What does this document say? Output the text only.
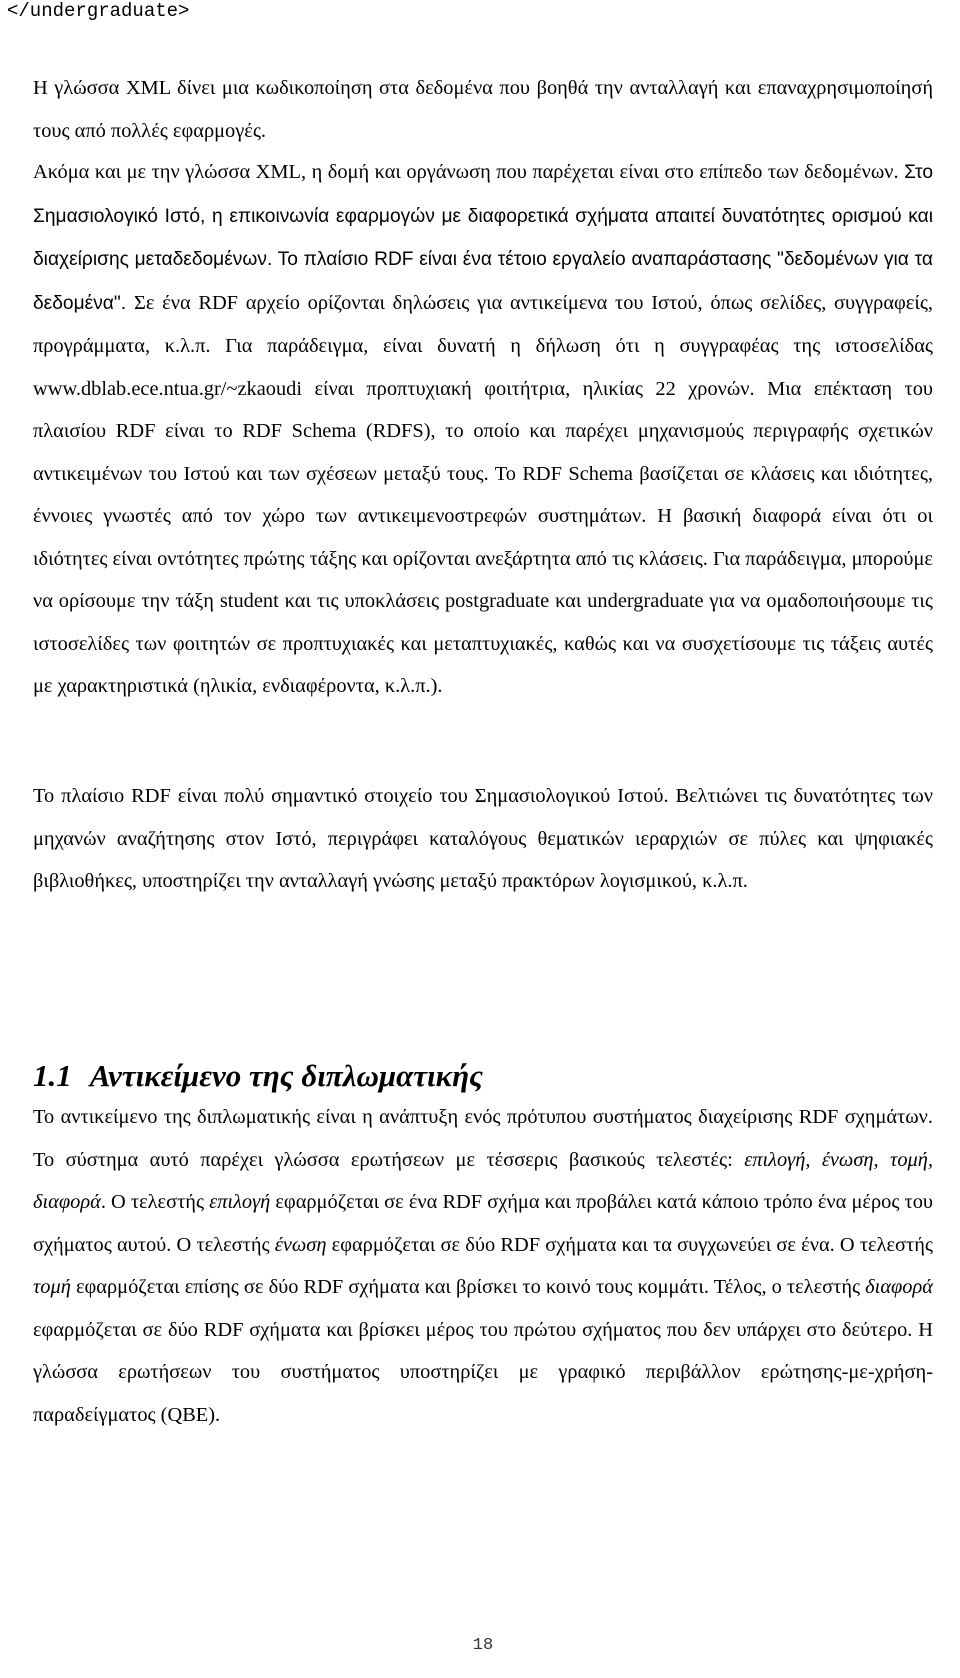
</undergraduate>

Η γλώσσα XML δίνει μια κωδικοποίηση στα δεδομένα που βοηθά την ανταλλαγή και επαναχρησιμοποίησή τους από πολλές εφαρμογές.

Ακόμα και με την γλώσσα XML, η δομή και οργάνωση που παρέχεται είναι στο επίπεδο των δεδομένων. Στο Σημασιολογικό Ιστό, η επικοινωνία εφαρμογών με διαφορετικά σχήματα απαιτεί δυνατότητες ορισμού και διαχείρισης μεταδεδομένων. Το πλαίσιο RDF είναι ένα τέτοιο εργαλείο αναπαράστασης "δεδομένων για τα δεδομένα". Σε ένα RDF αρχείο ορίζονται δηλώσεις για αντικείμενα του Ιστού, όπως σελίδες, συγγραφείς, προγράμματα, κ.λ.π. Για παράδειγμα, είναι δυνατή η δήλωση ότι η συγγραφέας της ιστοσελίδας www.dblab.ece.ntua.gr/~zkaoudi είναι προπτυχιακή φοιτήτρια, ηλικίας 22 χρονών. Μια επέκταση του πλαισίου RDF είναι το RDF Schema (RDFS), το οποίο και παρέχει μηχανισμούς περιγραφής σχετικών αντικειμένων του Ιστού και των σχέσεων μεταξύ τους. Το RDF Schema βασίζεται σε κλάσεις και ιδιότητες, έννοιες γνωστές από τον χώρο των αντικειμενοστρεφών συστημάτων. Η βασική διαφορά είναι ότι οι ιδιότητες είναι οντότητες πρώτης τάξης και ορίζονται ανεξάρτητα από τις κλάσεις. Για παράδειγμα, μπορούμε να ορίσουμε την τάξη student και τις υποκλάσεις postgraduate και undergraduate για να ομαδοποιήσουμε τις ιστοσελίδες των φοιτητών σε προπτυχιακές και μεταπτυχιακές, καθώς και να συσχετίσουμε τις τάξεις αυτές με χαρακτηριστικά (ηλικία, ενδιαφέροντα, κ.λ.π.).

Το πλαίσιο RDF είναι πολύ σημαντικό στοιχείο του Σημασιολογικού Ιστού. Βελτιώνει τις δυνατότητες των μηχανών αναζήτησης στον Ιστό, περιγράφει καταλόγους θεματικών ιεραρχιών σε πύλες και ψηφιακές βιβλιοθήκες, υποστηρίζει την ανταλλαγή γνώσης μεταξύ πρακτόρων λογισμικού, κ.λ.π.

1.1 Αντικείμενο της διπλωματικής

Το αντικείμενο της διπλωματικής είναι η ανάπτυξη ενός πρότυπου συστήματος διαχείρισης RDF σχημάτων. Το σύστημα αυτό παρέχει γλώσσα ερωτήσεων με τέσσερις βασικούς τελεστές: επιλογή, ένωση, τομή, διαφορά. Ο τελεστής επιλογή εφαρμόζεται σε ένα RDF σχήμα και προβάλει κατά κάποιο τρόπο ένα μέρος του σχήματος αυτού. Ο τελεστής ένωση εφαρμόζεται σε δύο RDF σχήματα και τα συγχωνεύει σε ένα. Ο τελεστής τομή εφαρμόζεται επίσης σε δύο RDF σχήματα και βρίσκει το κοινό τους κομμάτι. Τέλος, ο τελεστής διαφορά εφαρμόζεται σε δύο RDF σχήματα και βρίσκει μέρος του πρώτου σχήματος που δεν υπάρχει στο δεύτερο. Η γλώσσα ερωτήσεων του συστήματος υποστηρίζει με γραφικό περιβάλλον ερώτησης-με-χρήση-παραδείγματος (QBE).

18
